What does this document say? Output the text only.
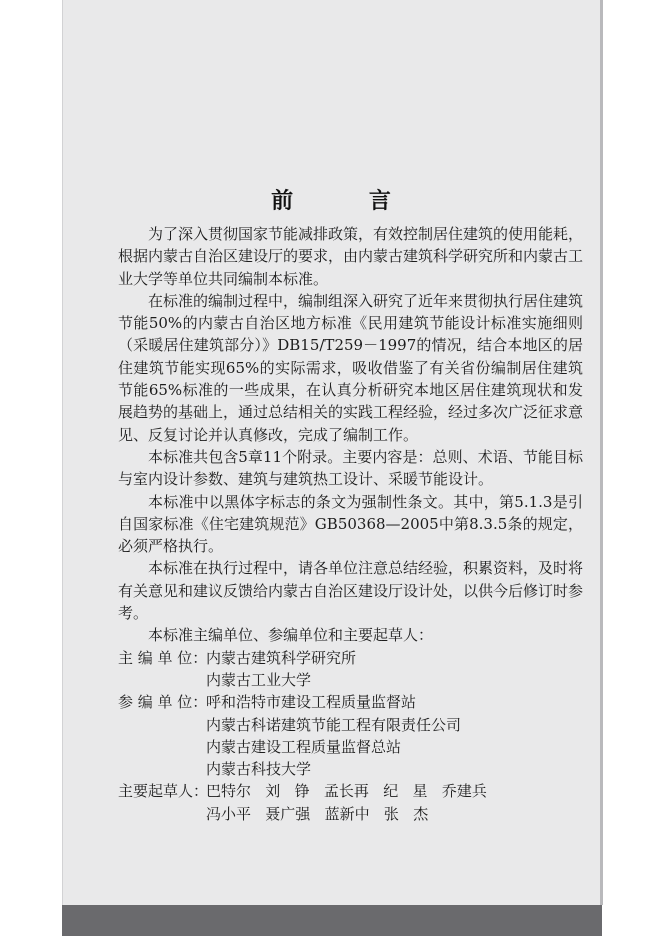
前 言

为了深入贯彻国家节能减排政策，有效控制居住建筑的使用能耗，根据内蒙古自治区建设厅的要求，由内蒙古建筑科学研究所和内蒙古工业大学等单位共同编制本标准。

在标准的编制过程中，编制组深入研究了近年来贯彻执行居住建筑节能50%的内蒙古自治区地方标准《民用建筑节能设计标准实施细则（采暖居住建筑部分）》DB15/T259－1997的情况，结合本地区的居住建筑节能实现65%的实际需求，吸收借鉴了有关省份编制居住建筑节能65%标准的一些成果，在认真分析研究本地区居住建筑现状和发展趋势的基础上，通过总结相关的实践工程经验，经过多次广泛征求意见、反复讨论并认真修改，完成了编制工作。

本标准共包含5章11个附录。主要内容是：总则、术语、节能目标与室内设计参数、建筑与建筑热工设计、采暖节能设计。

本标准中以黑体字标志的条文为强制性条文。其中，第5.1.3是引自国家标准《住宅建筑规范》GB50368—2005中第8.3.5条的规定，必须严格执行。

本标准在执行过程中，请各单位注意总结经验，积累资料，及时将有关意见和建议反馈给内蒙古自治区建设厅设计处，以供今后修订时参考。

本标准主编单位、参编单位和主要起草人：

主 编 单 位：内蒙古建筑科学研究所

内蒙古工业大学

参 编 单 位：呼和浩特市建设工程质量监督站

内蒙古科诺建筑节能工程有限责任公司

内蒙古建设工程质量监督总站

内蒙古科技大学

主要起草人：巴特尔   刘   铮   孟长再   纪   星   乔建兵

冯小平   聂广强   蓝新中   张   杰
